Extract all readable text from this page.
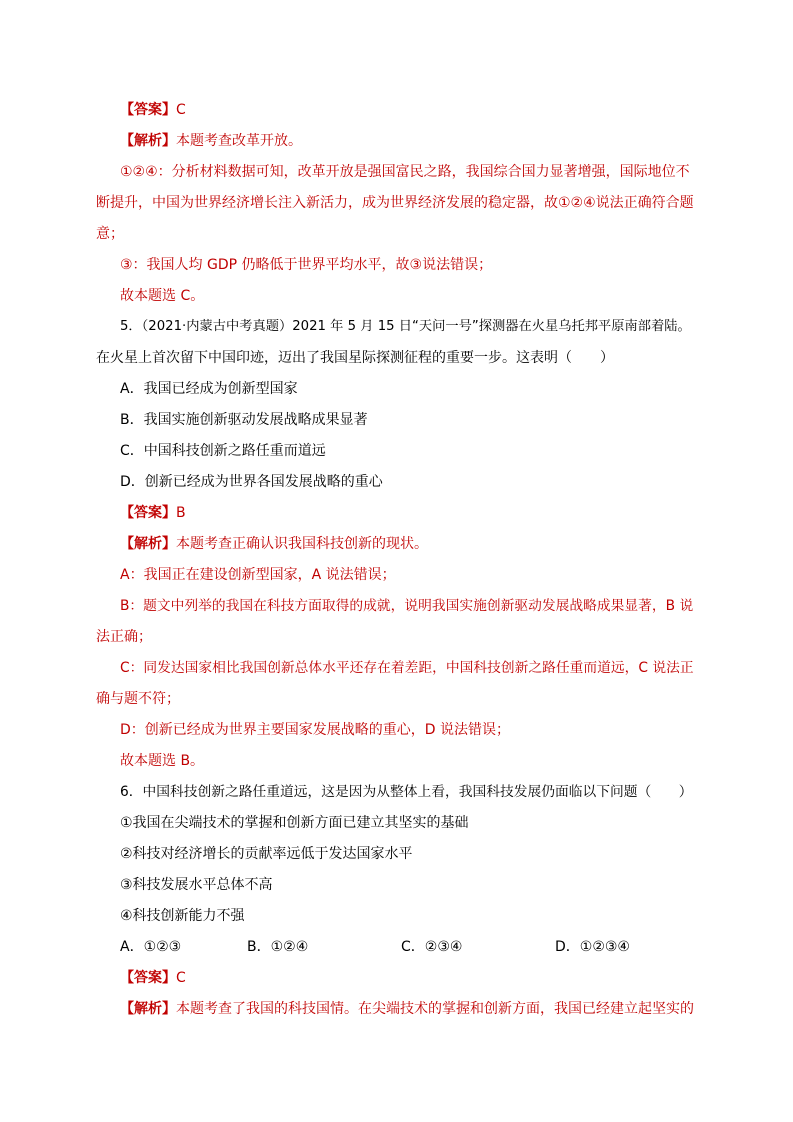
【答案】C
【解析】本题考查改革开放。
①②④：分析材料数据可知，改革开放是强国富民之路，我国综合国力显著增强，国际地位不
断提升，中国为世界经济增长注入新活力，成为世界经济发展的稳定器，故①②④说法正确符合题
意；
③：我国人均 GDP 仍略低于世界平均水平，故③说法错误；
故本题选 C。
5．（2021·内蒙古中考真题）2021 年 5 月 15 日“天问一号”探测器在火星乌托邦平原南部着陆。
在火星上首次留下中国印迹，迈出了我国星际探测征程的重要一步。这表明（　　）
A．我国已经成为创新型国家
B．我国实施创新驱动发展战略成果显著
C．中国科技创新之路任重而道远
D．创新已经成为世界各国发展战略的重心
【答案】B
【解析】本题考查正确认识我国科技创新的现状。
A：我国正在建设创新型国家，A 说法错误；
B：题文中列举的我国在科技方面取得的成就，说明我国实施创新驱动发展战略成果显著，B 说
法正确；
C：同发达国家相比我国创新总体水平还存在着差距，中国科技创新之路任重而道远，C 说法正
确与题不符；
D：创新已经成为世界主要国家发展战略的重心，D 说法错误；
故本题选 B。
6．中国科技创新之路任重道远，这是因为从整体上看，我国科技发展仍面临以下问题（　　）
①我国在尖端技术的掌握和创新方面已建立其坚实的基础
②科技对经济增长的贡献率远低于发达国家水平
③科技发展水平总体不高
④科技创新能力不强
A．①②③	B．①②④	C．②③④	D．①②③④
【答案】C
【解析】本题考查了我国的科技国情。在尖端技术的掌握和创新方面，我国已经建立起坚实的
